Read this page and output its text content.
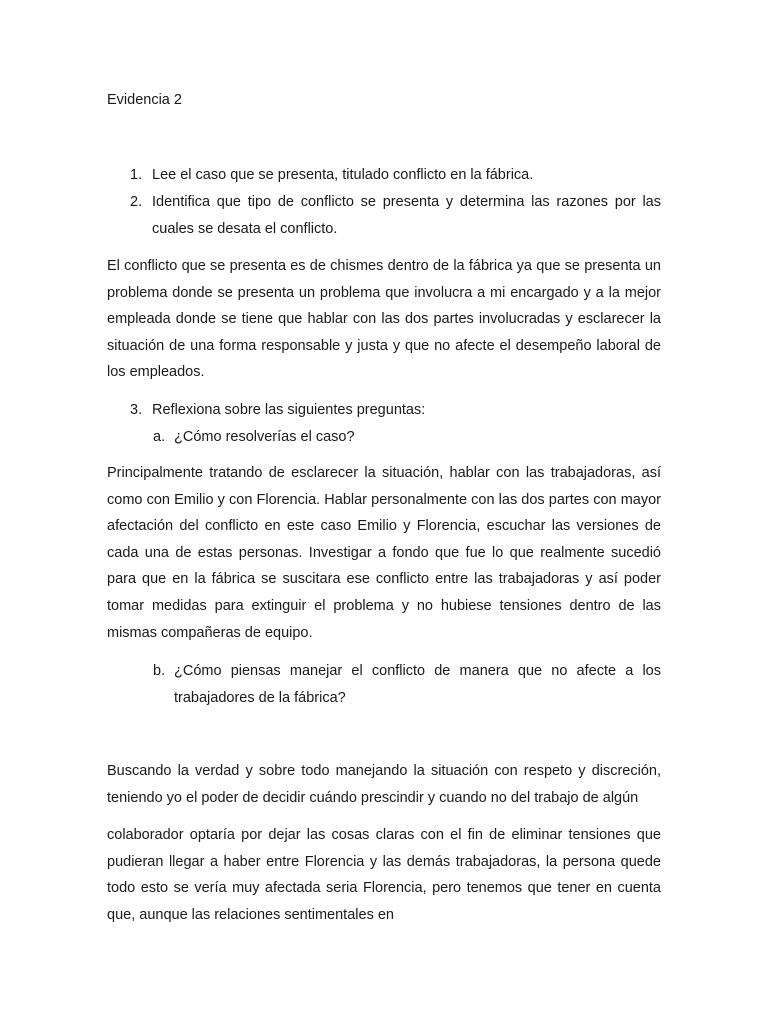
Evidencia 2
1. Lee el caso que se presenta, titulado conflicto en la fábrica.
2. Identifica que tipo de conflicto se presenta y determina las razones por las cuales se desata el conflicto.

El conflicto que se presenta es de chismes dentro de la fábrica ya que se presenta un problema donde se presenta un problema que involucra a mi encargado y a la mejor empleada donde se tiene que hablar con las dos partes involucradas y esclarecer la situación de una forma responsable y justa y que no afecte el desempeño laboral de los empleados.

3. Reflexiona sobre las siguientes preguntas:
a. ¿Cómo resolverías el caso?

Principalmente tratando de esclarecer la situación, hablar con las trabajadoras, así como con Emilio y con Florencia. Hablar personalmente con las dos partes con mayor afectación del conflicto en este caso Emilio y Florencia, escuchar las versiones de cada una de estas personas. Investigar a fondo que fue lo que realmente sucedió para que en la fábrica se suscitara ese conflicto entre las trabajadoras y así poder tomar medidas para extinguir el problema y no hubiese tensiones dentro de las mismas compañeras de equipo.

b. ¿Cómo piensas manejar el conflicto de manera que no afecte a los trabajadores de la fábrica?

Buscando la verdad y sobre todo manejando la situación con respeto y discreción, teniendo yo el poder de decidir cuándo prescindir y cuando no del trabajo de algún

colaborador optaría por dejar las cosas claras con el fin de eliminar tensiones que pudieran llegar a haber entre Florencia y las demás trabajadoras, la persona quede todo esto se vería muy afectada seria Florencia, pero tenemos que tener en cuenta que, aunque las relaciones sentimentales en
